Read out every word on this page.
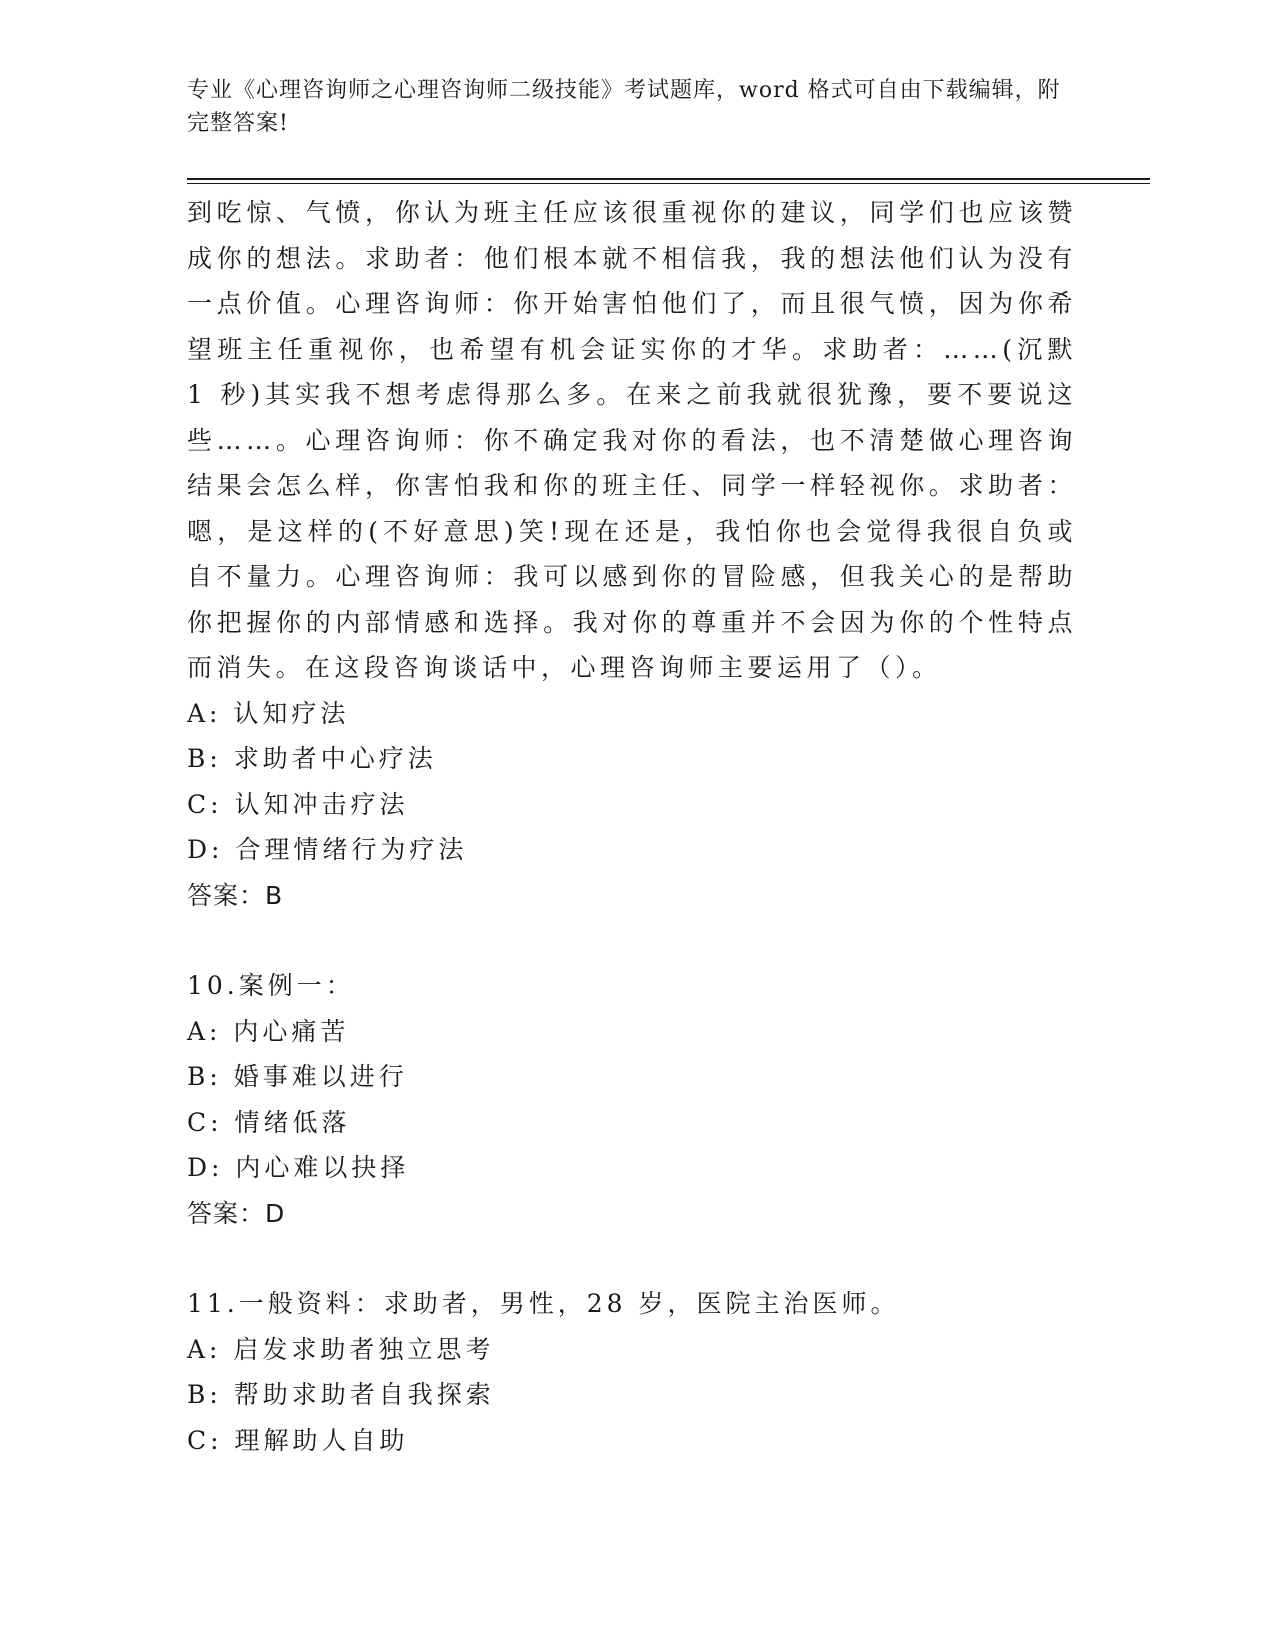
专业《心理咨询师之心理咨询师二级技能》考试题库，word 格式可自由下载编辑，附完整答案!

到吃惊、气愤，你认为班主任应该很重视你的建议，同学们也应该赞成你的想法。求助者：他们根本就不相信我，我的想法他们认为没有一点价值。心理咨询师：你开始害怕他们了，而且很气愤，因为你希望班主任重视你，也希望有机会证实你的才华。求助者：……(沉默 1 秒)其实我不想考虑得那么多。在来之前我就很犹豫，要不要说这些……。心理咨询师：你不确定我对你的看法，也不清楚做心理咨询结果会怎么样，你害怕我和你的班主任、同学一样轻视你。求助者：嗯，是这样的(不好意思)笑!现在还是，我怕你也会觉得我很自负或自不量力。心理咨询师：我可以感到你的冒险感，但我关心的是帮助你把握你的内部情感和选择。我对你的尊重并不会因为你的个性特点而消失。在这段咨询谈话中，心理咨询师主要运用了（）。

A: 认知疗法

B: 求助者中心疗法

C: 认知冲击疗法

D: 合理情绪行为疗法

答案：B

10.案例一：

A: 内心痛苦

B: 婚事难以进行

C: 情绪低落

D: 内心难以抉择

答案：D

11.一般资料：求助者，男性，28 岁，医院主治医师。

A: 启发求助者独立思考

B: 帮助求助者自我探索

C: 理解助人自助
